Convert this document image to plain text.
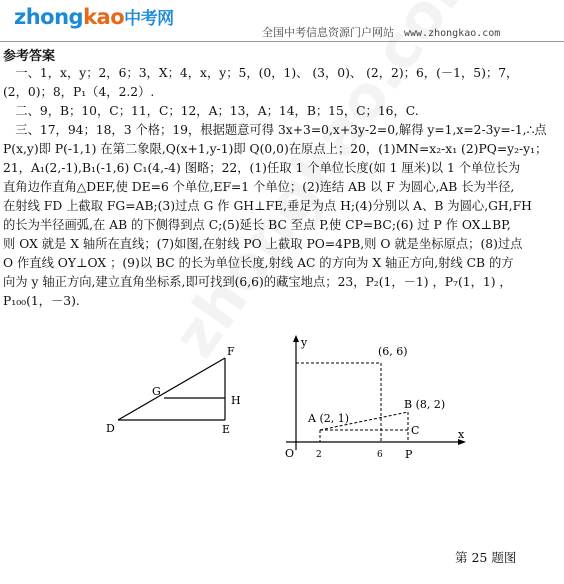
zhongkao中考网
全国中考信息资源门户网站 www.zhongkao.com
参考答案
　一、1，x，y；2，6；3，X；4，x，y；5，(0，1)、 (3，0)、 (2，2)；6，(－1，5)；7，
(2，0)；8，P₁（4，2.2）.
　二、9，B；10，C；11，C；12，A；13，A；14，B；15，C；16，C.
　三、17，94；18，3 个格；19，根据题意可得 3x+3=0,x+3y-2=0,解得 y=1,x=2-3y=-1,∴点
P(x,y)即 P(-1,1) 在第二象限,Q(x+1,y-1)即 Q(0,0)在原点上；20，(1)MN=x₂-x₁ (2)PQ=y₂-y₁；
21，A₁(2,-1),B₁(-1,6) C₁(4,-4) 图略；22，(1)任取 1 个单位长度(如 1 厘米)以 1 个单位长为
直角边作直角△DEF,使 DE=6 个单位,EF=1 个单位；(2)连结 AB 以 F 为圆心,AB 长为半径,
在射线 FD 上截取 FG=AB;(3)过点 G 作 GH⊥FE,垂足为点 H;(4)分别以 A、B 为圆心,GH,FH
的长为半径画弧,在 AB 的下侧得到点 C;(5)延长 BC 至点 P,使 CP=BC;(6) 过 P 作 OX⊥BP,
则 OX 就是 X 轴所在直线；(7)如图,在射线 PO 上截取 PO=4PB,则 O 就是坐标原点；(8)过点
O 作直线 OY⊥OX ；(9)以 BC 的长为单位长度,射线 AC 的方向为 X 轴正方向,射线 CB 的方
向为 y 轴正方向,建立直角坐标系,即可找到(6,6)的藏宝地点；23，P₂(1，－1) ，P₇(1，1) ，
P₁₀₀(1，－3).
D	E
F
G
H
y
x
O 2	6 P
C
A (2, 1)
B (8, 2)
(6, 6)
第 25 题图
